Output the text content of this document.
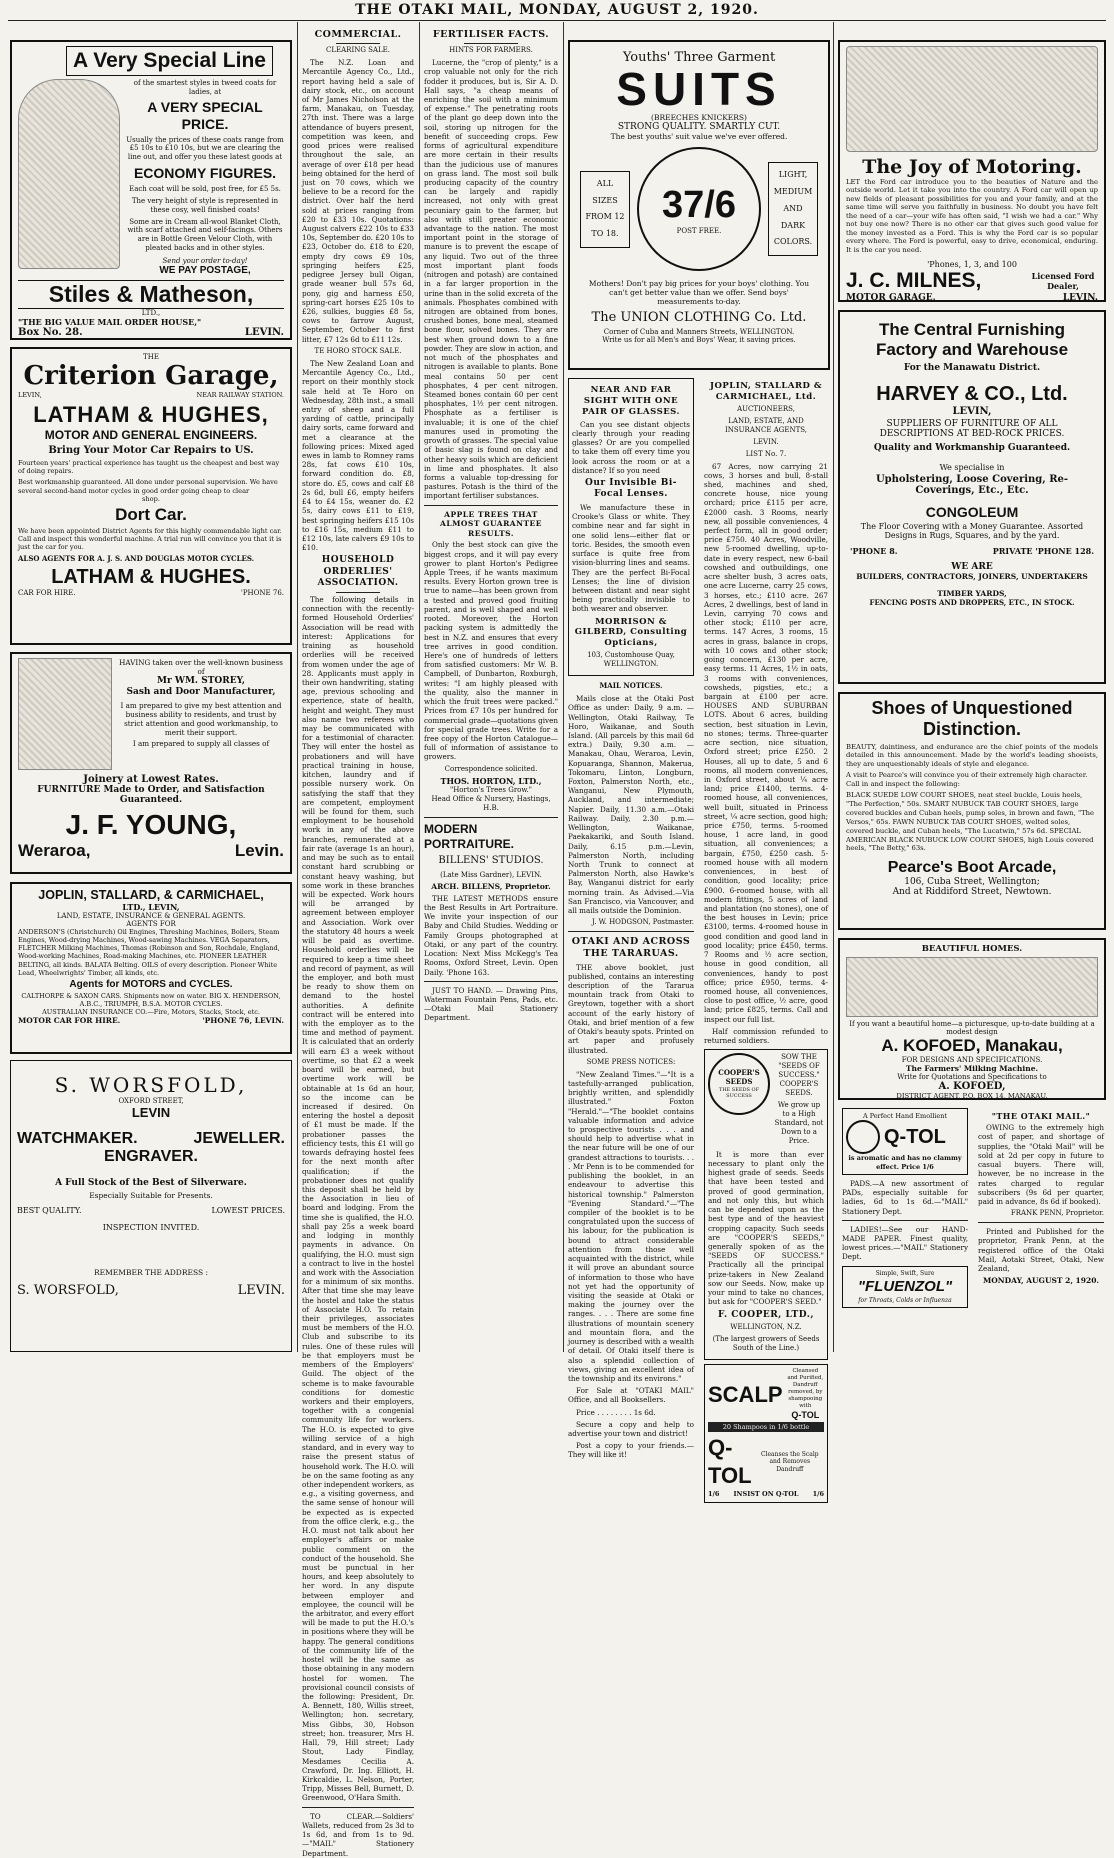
THE OTAKI MAIL, MONDAY, AUGUST 2, 1920.
A Very Special Line
of the smartest styles in tweed coats for ladies, at
A VERY SPECIAL PRICE.
Usually the prices of these coats range from £5 10s to £10 10s, but we are clearing the line out, and offer you these latest goods at
ECONOMY FIGURES.
Each coat will be sold, post free, for £5 5s.
The very height of style is represented in these cosy, well finished coats!
Some are in Cream all-wool Blanket Cloth, with scarf attached and self-facings. Others are in Bottle Green Velour Cloth, with pleated backs and in other styles.
Send your order to-day!
WE PAY POSTAGE,
Stiles & Matheson,
LTD.,
"THE BIG VALUE MAIL ORDER HOUSE,"
Box No. 28.	LEVIN.
THE
Criterion Garage,
LEVIN,	NEAR RAILWAY STATION.
LATHAM & HUGHES,
MOTOR AND GENERAL ENGINEERS.
Bring Your Motor Car Repairs to US.
Fourteen years' practical experience has taught us the cheapest and best way of doing repairs.
Best workmanship guaranteed. All done under personal supervision. We have several second-hand motor cycles in good order going cheap to clear
shop.
Dort Car.
We have been appointed District Agents for this highly commendable light car. Call and inspect this wonderful machine. A trial run will convince you that it is just the car for you.
ALSO AGENTS FOR A. J. S. AND DOUGLAS MOTOR CYCLES.
LATHAM & HUGHES.
CAR FOR HIRE.	'PHONE 76.
HAVING taken over the well-known business of
Mr WM. STOREY,
Sash and Door Manufacturer,
I am prepared to give my best attention and business ability to residents, and trust by strict attention and good workmanship, to merit their support.
I am prepared to supply all classes of
Joinery at Lowest Rates.
FURNITURE Made to Order, and Satisfaction Guaranteed.
J. F. YOUNG,
Weraroa,	Levin.
JOPLIN, STALLARD, & CARMICHAEL,
LTD., LEVIN,
LAND, ESTATE, INSURANCE & GENERAL AGENTS.
AGENTS FOR
ANDERSON'S (Christchurch) Oil Engines, Threshing Machines, Boilers, Steam Engines, Wood-drying Machines, Wood-sawing Machines. VEGA Separators, FLETCHER Milking Machines, Thomas (Robinson and Son, Rochdale, England, Wood-working Machines, Road-making Machines, etc. PIONEER LEATHER BELTING, all kinds. BALATA Belting. OILS of every description. Pioneer White Lead, Wheelwrights' Timber, all kinds, etc.
Agents for MOTORS and CYCLES.
CALTHORPE & SAXON CARS. Shipments now on water. BIG X. HENDERSON, A.B.C., TRIUMPH, B.S.A. MOTOR CYCLES.
AUSTRALIAN INSURANCE CO.—Fire, Motors, Stacks, Stock, etc.
MOTOR CAR FOR HIRE.	'PHONE 76, LEVIN.
S. WORSFOLD,
OXFORD STREET,
LEVIN
WATCHMAKER.	JEWELLER.
ENGRAVER.
A Full Stock of the Best of Silverware.
Especially Suitable for Presents.
BEST QUALITY.	LOWEST PRICES.
INSPECTION INVITED.
REMEMBER THE ADDRESS :
S. WORSFOLD,	LEVIN.
COMMERCIAL.
CLEARING SALE.

The N.Z. Loan and Mercantile Agency Co., Ltd., report having held a sale of dairy stock, etc., on account of Mr James Nicholson at the farm, Manakau, on Tuesday, 27th inst. There was a large attendance of buyers present, competition was keen, and good prices were realised throughout the sale, an average of over £18 per head being obtained for the herd of just on 70 cows, which we believe to be a record for the district. Over half the herd sold at prices ranging from £20 to £33 10s. Quotations: August calvers £22 10s to £33 10s, September do. £20 10s to £23, October do. £18 to £20, empty dry cows £9 10s, springing heifers £25, pedigree Jersey bull Oigan, grade weaner bull 57s 6d, pony, gig and harness £50, spring-cart horses £25 10s to £26, sulkies, buggies £8 5s, cows to farrow August, September, October to first litter, £7 12s 6d to £11 12s.

TE HORO STOCK SALE.

The New Zealand Loan and Mercantile Agency Co., Ltd., report on their monthly stock sale held at Te Horo on Wednesday, 28th inst., a small entry of sheep and a full yarding of cattle, principally dairy sorts, came forward and met a clearance at the following prices: Mixed aged ewes in lamb to Romney rams 28s, fat cows £10 10s, forward condition do. £8, store do. £5, cows and calf £8 2s 6d, bull £6, empty heifers £4 to £4 15s, weaner do. £2 5s, dairy cows £11 to £19, best springing heifers £15 10s to £16 15s, medium £11 to £12 10s, late calvers £9 10s to £10.

HOUSEHOLD ORDERLIES' ASSOCIATION.

The following details in connection with the recently-formed Household Orderlies' Association will be read with interest: Applications for training as household orderlies will be received from women under the age of 28. Applicants must apply in their own handwriting, stating age, previous schooling and experience, state of health, height and weight. They must also name two referees who may be communicated with for a testimonial of character. They will enter the hostel as probationers and will have practical training in house, kitchen, laundry and if possible nursery work. On satisfying the staff that they are competent, employment will be found for them, such employment to be household work in any of the above branches, remunerated at a fair rate (average 1s an hour), and may be such as to entail constant hard scrubbing or constant heavy washing, but some work in these branches will be expected. Work hours will be arranged by agreement between employer and Association. Work over the statutory 48 hours a week will be paid as overtime. Household orderlies will be required to keep a time sheet and record of payment, as will the employer, and both must be ready to show them on demand to the hostel authorities. A definite contract will be entered into with the employer as to the time and method of payment. It is calculated that an orderly will earn £3 a week without overtime, so that £2 a week board will be earned, but overtime work will be obtainable at 1s 6d an hour, so the income can be increased if desired. On entering the hostel a deposit of £1 must be made. If the probationer passes the efficiency tests, this £1 will go towards defraying hostel fees for the next month after qualification; if the probationer does not qualify this deposit shall be held by the Association in lieu of board and lodging. From the time she is qualified, the H.O. shall pay 25s a week board and lodging in monthly payments in advance. On qualifying, the H.O. must sign a contract to live in the hostel and work with the Association for a minimum of six months. After that time she may leave the hostel and take the status of Associate H.O. To retain their privileges, associates must be members of the H.O. Club and subscribe to its rules. One of these rules will be that employers must be members of the Employers' Guild. The object of the scheme is to make favourable conditions for domestic workers and their employers, together with a congenial community life for workers. The H.O. is expected to give willing service of a high standard, and in every way to raise the present status of household work. The H.O. will be on the same footing as any other independent workers, as e.g., a visiting governess, and the same sense of honour will be expected as is expected from the office clerk, e.g., the H.O. must not talk about her employer's affairs or make public comment on the conduct of the household. She must be punctual in her hours, and keep absolutely to her word. In any dispute between employer and employee, the council will be the arbitrator, and every effort will be made to put the H.O.'s in positions where they will be happy. The general conditions of the community life of the hostel will be the same as those obtaining in any modern hostel for women. The provisional council consists of the following: President, Dr. A. Bennett, 180, Willis street, Wellington; hon. secretary, Miss Gibbs, 30, Hobson street; hon. treasurer, Mrs H. Hall, 79, Hill street; Lady Stout, Lady Findlay, Mesdames Cecilia A. Crawford, Dr. Ing. Elliott, H. Kirkcaldie, L. Nelson, Porter, Tripp, Misses Bell, Burnett, D. Greenwood, O'Hara Smith.

TO CLEAR.—Soldiers' Wallets, reduced from 2s 3d to 1s 6d, and from 1s to 9d.—"MAIL" Stationery Department.

FERTILISER FACTS.
HINTS FOR FARMERS.

Lucerne, the "crop of plenty," is a crop valuable not only for the rich fodder it produces, but is, Sir A. D. Hall says, "a cheap means of enriching the soil with a minimum of expense." The penetrating roots of the plant go deep down into the soil, storing up nitrogen for the benefit of succeeding crops. Few forms of agricultural expenditure are more certain in their results than the judicious use of manures on grass land. The most soil bulk producing capacity of the country can be largely and rapidly increased, not only with great pecuniary gain to the farmer, but also with still greater economic advantage to the nation. The most important point in the storage of manure is to prevent the escape of any liquid. Two out of the three most important plant foods (nitrogen and potash) are contained in a far larger proportion in the urine than in the solid excreta of the animals. Phosphates combined with nitrogen are obtained from bones, crushed bones, bone meal, steamed bone flour, solved bones. They are best when ground down to a fine powder. They are slow in action, and not much of the phosphates and nitrogen is available to plants. Bone meal contains 50 per cent phosphates, 4 per cent nitrogen. Steamed bones contain 60 per cent phosphates, 1½ per cent nitrogen. Phosphate as a fertiliser is invaluable; it is one of the chief manures used in promoting the growth of grasses. The special value of basic slag is found on clay and other heavy soils which are deficient in lime and phosphates. It also forms a valuable top-dressing for pastures. Potash is the third of the important fertiliser substances.

APPLE TREES THAT ALMOST GUARANTEE RESULTS.

Only the best stock can give the biggest crops, and it will pay every grower to plant Horton's Pedigree Apple Trees, if he wants maximum results. Every Horton grown tree is true to name—has been grown from a tested and proved good fruiting parent, and is well shaped and well rooted. Moreover, the Horton packing system is admittedly the best in N.Z. and ensures that every tree arrives in good condition. Here's one of hundreds of letters from satisfied customers: Mr W. B. Campbell, of Dunbarton, Roxburgh, writes: "I am highly pleased with the quality, also the manner in which the fruit trees were packed." Prices from £7 10s per hundred for commercial grade—quotations given for special grade trees. Write for a free copy of the Horton Catalogue—full of information of assistance to growers.

Correspondence solicited.
THOS. HORTON, LTD.,
"Horton's Trees Grow."
Head Office & Nursery, Hastings, H.B.
MODERN PORTRAITURE.
BILLENS' STUDIOS.
(Late Miss Gardner), LEVIN.
ARCH. BILLENS, Proprietor.

THE LATEST METHODS ensure the Best Results in Art Portraiture. We invite your inspection of our Baby and Child Studies. Wedding or Family Groups photographed at Otaki, or any part of the country. Location: Next Miss McKegg's Tea Rooms, Oxford Street, Levin. Open Daily. 'Phone 163.

JUST TO HAND. — Drawing Pins, Waterman Fountain Pens, Pads, etc. —Otaki Mail Stationery Department.

Youths' Three Garment
SUITS
(BREECHES KNICKERS)
STRONG QUALITY. SMARTLY CUT.
The best youths' suit value we've ever offered.
ALL SIZES FROM 12 TO 18.
37/6
POST FREE.
LIGHT, MEDIUM AND DARK COLORS.
Mothers! Don't pay big prices for your boys' clothing. You can't get better value than we offer. Send boys' measurements to-day.
The UNION CLOTHING Co. Ltd.
Corner of Cuba and Manners Streets, WELLINGTON.
Write us for all Men's and Boys' Wear, it saving prices.
NEAR AND FAR SIGHT WITH ONE PAIR OF GLASSES.

Can you see distant objects clearly through your reading glasses? Or are you compelled to take them off every time you look across the room or at a distance? If so you need

Our Invisible Bi-Focal Lenses.

We manufacture these in Crooke's Glass or white. They combine near and far sight in one solid lens—either flat or toric. Besides, the smooth even surface is quite free from vision-blurring lines and seams. They are the perfect Bi-Focal Lenses; the line of division between distant and near sight being practically invisible to both wearer and observer.

MORRISON & GILBERD, Consulting Opticians,
103, Customhouse Quay, WELLINGTON.
MAIL NOTICES.

Mails close at the Otaki Post Office as under: Daily, 9 a.m. — Wellington, Otaki Railway, Te Horo, Waikanae, and South Island. (All parcels by this mail 6d extra.) Daily, 9.30 a.m. — Manakau, Ohau, Weraroa, Levin, Kopuaranga, Shannon, Makerua, Tokomaru, Linton, Longburn, Foxton, Palmerston North, etc., Wanganui, New Plymouth, Auckland, and intermediate; Napier. Daily, 11.30 a.m.—Otaki Railway. Daily, 2.30 p.m.—Wellington, Waikanae, Paekakariki, and South Island. Daily, 6.15 p.m.—Levin, Palmerston North, including North Trunk to connect at Palmerston North, also Hawke's Bay, Wanganui district for early morning train. As Advised.—Via San Francisco, via Vancouver, and all mails outside the Dominion.

J. W. HODGSON, Postmaster.
OTAKI AND ACROSS THE TARARUAS.

THE above booklet, just published, contains an interesting description of the Tararua mountain track from Otaki to Greytown, together with a short account of the early history of Otaki, and brief mention of a few of Otaki's beauty spots. Printed on art paper and profusely illustrated.

SOME PRESS NOTICES:

"New Zealand Times."—"It is a tastefully-arranged publication, brightly written, and splendidly illustrated." Foxton "Herald."—"The booklet contains valuable information and advice to prospective tourists . . . and should help to advertise what in the near future will be one of our grandest attractions to tourists. . . . Mr Penn is to be commended for publishing the booklet, in an endeavour to advertise this historical township." Palmerston "Evening Standard."—"The compiler of the booklet is to be congratulated upon the success of his labour, for the publication is bound to attract considerable attention from those well acquainted with the district, while it will prove an abundant source of information to those who have not yet had the opportunity of visiting the seaside at Otaki or making the journey over the ranges. . . . There are some fine illustrations of mountain scenery and mountain flora, and the journey is described with a wealth of detail. Of Otaki itself there is also a splendid collection of views, giving an excellent idea of the township and its environs."

For Sale at "OTAKI MAIL" Office, and all Booksellers.

Price . . . . . . . . 1s 6d.

Secure a copy and help to advertise your town and district!

Post a copy to your friends.—They will like it!

JOPLIN, STALLARD & CARMICHAEL, Ltd.
AUCTIONEERS,
LAND, ESTATE, AND INSURANCE AGENTS,
LEVIN.
LIST No. 7.

67 Acres, now carrying 21 cows, 3 horses and bull, 8-stall shed, machines and shed, concrete house, nice young orchard; price £115 per acre, £2000 cash. 3 Rooms, nearly new, all possible conveniences, 4 perfect form, all in good order; price £750. 40 Acres, Woodville, new 5-roomed dwelling, up-to-date in every respect, new 6-bail cowshed and outbuildings, one acre shelter bush, 3 acres oats, one acre Lucerne, carry 25 cows, 3 horses, etc.; £110 acre. 267 Acres, 2 dwellings, best of land in Levin, carrying 70 cows and other stock; £110 per acre, terms. 147 Acres, 3 rooms, 15 acres in grass, balance in crops, with 10 cows and other stock; going concern, £130 per acre, easy terms. 11 Acres, 1½ in oats, 3 rooms with conveniences, cowsheds, pigsties, etc.; a bargain at £100 per acre. HOUSES AND SUBURBAN LOTS. About 6 acres, building section, best situation in Levin, no stones; terms. Three-quarter acre section, nice situation, Oxford street; price £250. 2 Houses, all up to date, 5 and 6 rooms, all modern conveniences, in Oxford street, about ¼ acre land; price £1400, terms. 4-roomed house, all conveniences, well built, situated in Princess street, ¼ acre section, good high; price £750, terms. 5-roomed house, 1 acre land, in good situation, all conveniences; a bargain, £750, £250 cash. 5-roomed house with all modern conveniences, in best of condition, good locality; price £900. 6-roomed house, with all modern fittings, 5 acres of land and plantation (no stones), one of the best houses in Levin; price £3100, terms. 4-roomed house in good condition and good land in good locality; price £450, terms. 7 Rooms and ½ acre section, house in good condition, all conveniences, handy to post office; price £950, terms. 4-roomed house, all conveniences, close to post office, ½ acre, good land; price £825, terms. Call and inspect our full list.

Half commission refunded to returned soldiers.

COOPER'S SEEDS
THE SEEDS OF SUCCESS
SOW THE "SEEDS OF SUCCESS." COOPER'S SEEDS.
We grow up to a High Standard, not Down to a Price.

It is more than ever necessary to plant only the highest grade of seeds. Seeds that have been tested and proved of good germination, and not only this, but which can be depended upon as the best type and of the heaviest cropping capacity. Such seeds are "COOPER'S SEEDS," generally spoken of as the "SEEDS OF SUCCESS." Practically all the principal prize-takers in New Zealand sow our Seeds. Now, make up your mind to take no chances, but ask for "COOPER'S SEED."

F. COOPER, LTD.,
WELLINGTON, N.Z.
(The largest growers of Seeds South of the Line.)
SCALP
Cleansed and Purified, Dandruff removed, by shampooing with
Q-TOL
20 Shampoos in 1/6 bottle
Q-TOL
Cleanses the Scalp and Removes Dandruff
1/6 INSIST ON Q-TOL 1/6
The Joy of Motoring.
LET the Ford car introduce you to the beauties of Nature and the outside world. Let it take you into the country. A Ford car will open up new fields of pleasant possibilities for you and your family, and at the same time will serve you faithfully in business. No doubt you have felt the need of a car—your wife has often said, "I wish we had a car." Why not buy one now? There is no other car that gives such good value for the money invested as a Ford. This is why the Ford car is so popular every where. The Ford is powerful, easy to drive, economical, enduring. It is the car you need.
'Phones, 1, 3, and 100
J. C. MILNES,	Licensed Ford Dealer,
MOTOR GARAGE,	LEVIN.
The Central Furnishing
Factory and Warehouse
For the Manawatu District.
HARVEY & CO., Ltd.
LEVIN,
SUPPLIERS OF FURNITURE OF ALL DESCRIPTIONS AT BED-ROCK PRICES.
Quality and Workmanship Guaranteed.
We specialise in
Upholstering, Loose Covering, Re-Coverings, Etc., Etc.
CONGOLEUM
The Floor Covering with a Money Guarantee. Assorted Designs in Rugs, Squares, and by the yard.
'PHONE 8.	PRIVATE 'PHONE 128.
WE ARE
BUILDERS, CONTRACTORS, JOINERS, UNDERTAKERS
TIMBER YARDS,
FENCING POSTS AND DROPPERS, ETC., IN STOCK.
Shoes of Unquestioned
Distinction.
BEAUTY, daintiness, and endurance are the chief points of the models detailed in this announcement. Made by the world's leading shoeists, they are unquestionably ideals of style and elegance.
A visit to Pearce's will convince you of their extremely high character. Call in and inspect the following:
BLACK SUEDE LOW COURT SHOES, neat steel buckle, Louis heels, "The Perfection," 50s. SMART NUBUCK TAB COURT SHOES, large covered buckles and Cuban heels, pump soles, in brown and fawn, "The Versos," 65s. FAWN NUBUCK TAB COURT SHOES, welted soles, covered buckle, and Cuban heels, "The Lucatwin," 57s 6d. SPECIAL AMERICAN BLACK NUBUCK LOW COURT SHOES, high Louis covered heels, "The Betty," 63s.
Pearce's Boot Arcade,
106, Cuba Street, Wellington;
And at Riddiford Street, Newtown.
BEAUTIFUL HOMES.
If you want a beautiful home—a picturesque, up-to-date building at a modest design
A. KOFOED, Manakau,
FOR DESIGNS AND SPECIFICATIONS.
The Farmers' Milking Machine.
Write for Quotations and Specifications to
A. KOFOED,
DISTRICT AGENT, P.O. BOX 14, MANAKAU.
A Perfect Hand Emollient
Q-TOL
is aromatic and has no clammy effect. Price 1/6

PADS.—A new assortment of PADs, especially suitable for ladies, 6d to 1s 6d.—"MAIL" Stationery Dept.

LADIES!—See our HAND-MADE PAPER. Finest quality, lowest prices.—"MAIL" Stationery Dept.

Simple, Swift, Sure
"FLUENZOL"
for Throats, Colds or Influenza
"THE OTAKI MAIL."

OWING to the extremely high cost of paper, and shortage of supplies, the "Otaki Mail" will be sold at 2d per copy in future to casual buyers. There will, however, be no increase in the rates charged to regular subscribers (9s 6d per quarter, paid in advance, 8s 6d if booked).

FRANK PENN, Proprietor.

Printed and Published for the proprietor, Frank Penn, at the registered office of the Otaki Mail, Aotaki Street, Otaki, New Zealand,

MONDAY, AUGUST 2, 1920.
